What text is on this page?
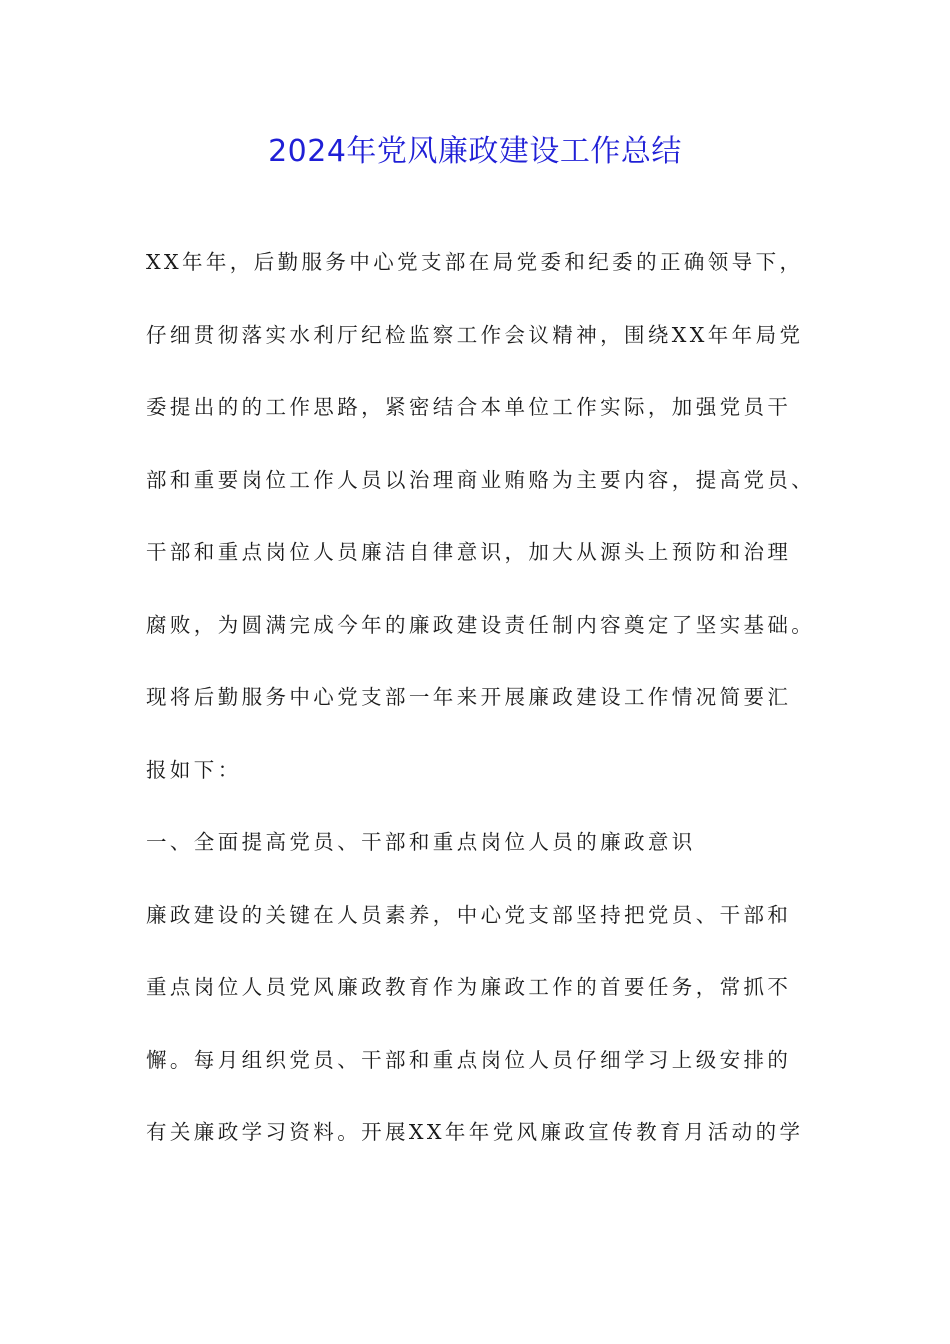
2024年党风廉政建设工作总结
XX年年，后勤服务中心党支部在局党委和纪委的正确领导下，
仔细贯彻落实水利厅纪检监察工作会议精神，围绕XX年年局党
委提出的的工作思路，紧密结合本单位工作实际，加强党员干
部和重要岗位工作人员以治理商业贿赂为主要内容，提高党员、
干部和重点岗位人员廉洁自律意识，加大从源头上预防和治理
腐败，为圆满完成今年的廉政建设责任制内容奠定了坚实基础。
现将后勤服务中心党支部一年来开展廉政建设工作情况简要汇
报如下：
一、全面提高党员、干部和重点岗位人员的廉政意识
廉政建设的关键在人员素养，中心党支部坚持把党员、干部和
重点岗位人员党风廉政教育作为廉政工作的首要任务，常抓不
懈。每月组织党员、干部和重点岗位人员仔细学习上级安排的
有关廉政学习资料。开展XX年年党风廉政宣传教育月活动的学
